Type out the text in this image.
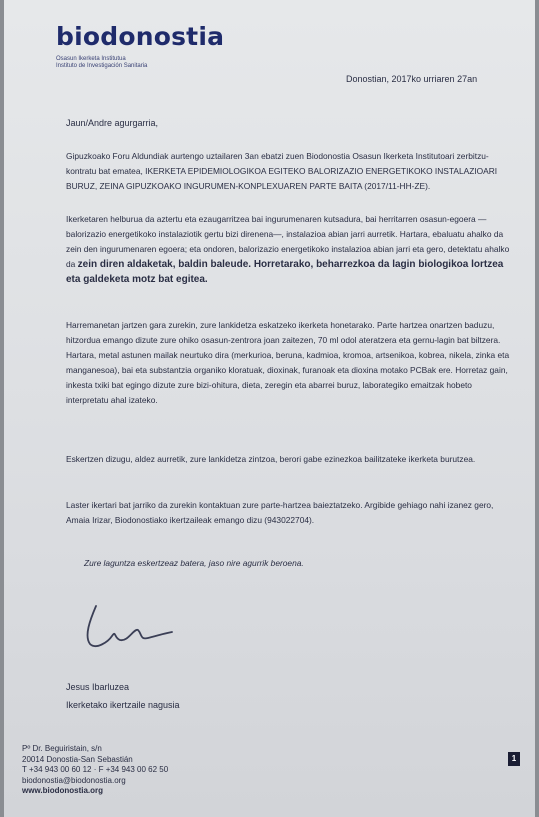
biodonostia
Osasun Ikerketa Institutua
Instituto de Investigación Sanitaria
Donostian, 2017ko urriaren 27an
Jaun/Andre agurgarria,
Gipuzkoako Foru Aldundiak aurtengo uztailaren 3an ebatzi zuen Biodonostia Osasun Ikerketa Institutoari zerbitzu-kontratu bat ematea, IKERKETA EPIDEMIOLOGIKOA EGITEKO BALORIZAZIO ENERGETIKOKO INSTALAZIOARI BURUZ, ZEINA GIPUZKOAKO INGURUMEN-KONPLEXUAREN PARTE BAITA (2017/11-HH-ZE).
Ikerketaren helburua da aztertu eta ezaugarritzea bai ingurumenaren kutsadura, bai herritarren osasun-egoera —balorizazio energetikoko instalaziotik gertu bizi direnena—, instalazioa abian jarri aurretik. Hartara, ebaluatu ahalko da zein den ingurumenaren egoera; eta ondoren, balorizazio energetikoko instalazioa abian jarri eta gero, detektatu ahalko da zein diren aldaketak, baldin baleude. Horretarako, beharrezkoa da lagin biologikoa lortzea eta galdeketa motz bat egitea.
Harremanetan jartzen gara zurekin, zure lankidetza eskatzeko ikerketa honetarako. Parte hartzea onartzen baduzu, hitzordua emango dizute zure ohiko osasun-zentrora joan zaitezen, 70 ml odol ateratzera eta gernu-lagin bat biltzera. Hartara, metal astunen mailak neurtuko dira (merkurioa, beruna, kadmioa, kromoa, artsenikoa, kobrea, nikela, zinka eta manganesoa), bai eta substantzia organiko kloratuak, dioxinak, furanoak eta dioxina motako PCBak ere. Horretaz gain, inkesta txiki bat egingo dizute zure bizi-ohitura, dieta, zeregin eta abarrei buruz, laborategiko emaitzak hobeto interpretatu ahal izateko.
Eskertzen dizugu, aldez aurretik, zure lankidetza zintzoa, berori gabe ezinezkoa bailitzateke ikerketa burutzea.
Laster ikertari bat jarriko da zurekin kontaktuan zure parte-hartzea baieztatzeko. Argibide gehiago nahi izanez gero, Amaia Irizar, Biodonostiako ikertzaileak emango dizu (943022704).
Zure laguntza eskertzeaz batera, jaso nire agurrik beroena.
Jesus Ibarluzea
Ikerketako ikertzaile nagusia
Pº Dr. Beguiristain, s/n
20014 Donostia-San Sebastián
T +34 943 00 60 12 · F +34 943 00 62 50
biodonostia@biodonostia.org
www.biodonostia.org
1
